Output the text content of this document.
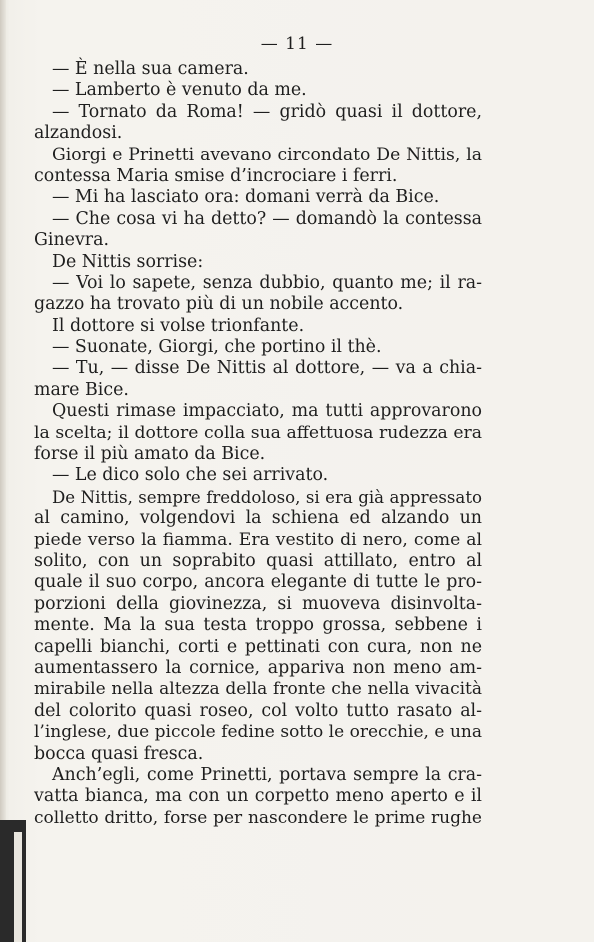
— 11 —
— È nella sua camera.
— Lamberto è venuto da me.
— Tornato da Roma! — gridò quasi il dottore,
alzandosi.
Giorgi e Prinetti avevano circondato De Nittis, la
contessa Maria smise d’incrociare i ferri.
— Mi ha lasciato ora: domani verrà da Bice.
— Che cosa vi ha detto? — domandò la contessa
Ginevra.
De Nittis sorrise:
— Voi lo sapete, senza dubbio, quanto me; il ra-
gazzo ha trovato più di un nobile accento.
Il dottore si volse trionfante.
— Suonate, Giorgi, che portino il thè.
— Tu, — disse De Nittis al dottore, — va a chia-
mare Bice.
Questi rimase impacciato, ma tutti approvarono
la scelta; il dottore colla sua affettuosa rudezza era
forse il più amato da Bice.
— Le dico solo che sei arrivato.
De Nittis, sempre freddoloso, si era già appressato
al camino, volgendovi la schiena ed alzando un
piede verso la fiamma. Era vestito di nero, come al
solito, con un soprabito quasi attillato, entro al
quale il suo corpo, ancora elegante di tutte le pro-
porzioni della giovinezza, si muoveva disinvolta-
mente. Ma la sua testa troppo grossa, sebbene i
capelli bianchi, corti e pettinati con cura, non ne
aumentassero la cornice, appariva non meno am-
mirabile nella altezza della fronte che nella vivacità
del colorito quasi roseo, col volto tutto rasato al-
l’inglese, due piccole fedine sotto le orecchie, e una
bocca quasi fresca.
Anch’egli, come Prinetti, portava sempre la cra-
vatta bianca, ma con un corpetto meno aperto e il
colletto dritto, forse per nascondere le prime rughe
